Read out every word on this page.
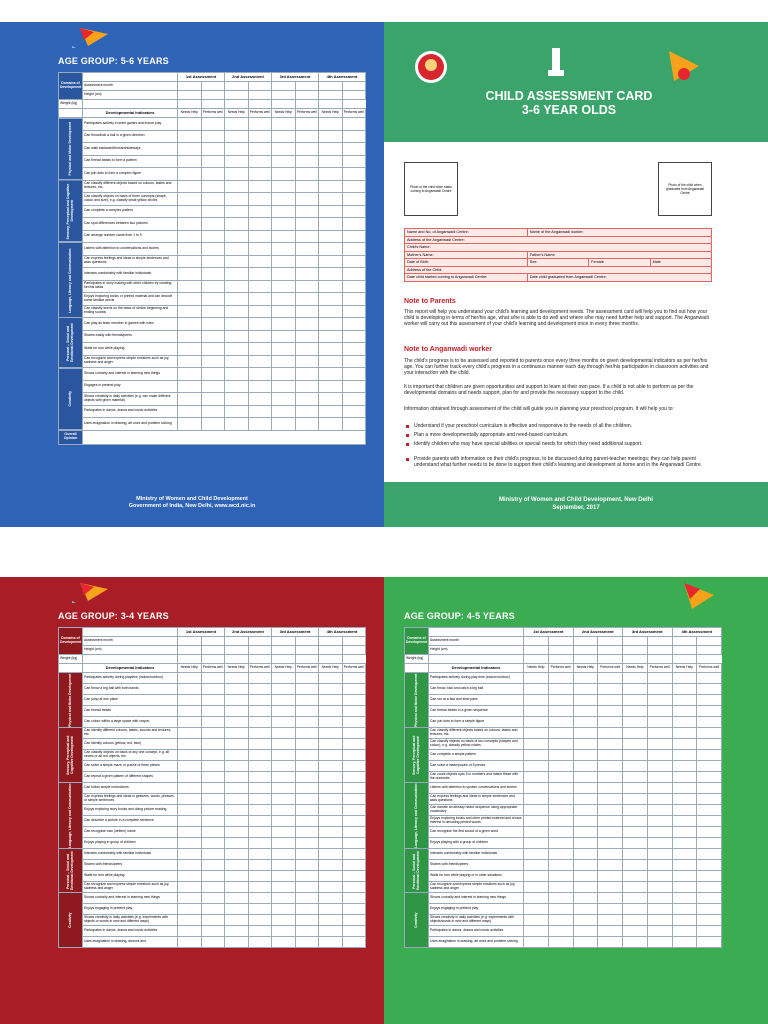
AGE GROUP: 5-6 YEARS
Domains of Development		1st Assessment		2nd Assessment		3rd Assessment		4th Assessment	
	Assessment month								
	Height (cm)								
Weight (kg)									
	Developmental Indicators	Needs Help	Performs well	Needs Help	Performs well	Needs Help	Performs well	Needs Help	Performs well
Physical and Motor Development	Participates actively in team games and indoor play								
	Can throw/kick a ball in a given direction								
	Can walk backward/forward/sideways								
	Can thread beads to form a pattern								
	Can join dots to form a complex figure								
Sensory, Perceptual and Cognitive Development	Can classify different objects based on colours, tastes and textures, etc.								
	Can classify objects on basis of three concepts (shape, colour and size), e.g. classify small yellow circles								
	Can complete a complex pattern								
	Can spot differences between two pictures								
	Can arrange number cards from 1 to 9								
Language, Literacy and Communication	Listens with attention to conversations and stories								
	Can express feelings and ideas in simple sentences and asks questions								
	Interacts comfortably with familiar individuals								
	Participates in story making with other children by creating her/his ideas								
	Enjoys exploring books or printed material and can decode some familiar words								
	Can classify words on the basis of similar beginning and ending sounds								
Personal – Social and Emotional Development	Can play as team member in games with rules								
	Shares easily with friends/peers								
	Waits for turn while playing								
	Can recognize and express simple emotions such as joy, sadness and anger								
Creativity	Shows curiosity and interest in learning new things								
	Engages in pretend play								
	Shows creativity in daily activities (e.g. can make different objects with given material)								
	Participates in dance, drama and music activities								
	Uses imagination in drawing, art work and problem solving								
Overall Opinion									
Ministry of Women and Child Development
Government of India, New Delhi, www.wcd.nic.in
CHILD ASSESSMENT CARD
3-6 YEAR OLDS
Photo of the child when starts coming to Anganwadi Centre
Photo of the child when graduates from Anganwadi Centre
Name and No. of Anganwadi Centre:	Name of the Anganwadi worker:		
Address of the Anganwadi Centre:			
Child's Name:			
Mother's Name:	Father's Name:		
Date of Birth:	Sex:	Female	Male
Address of the Child:			
Date child started coming to Anganwadi Centre:	Date child graduated from Anganwadi Centre:		
Note to Parents
This report will help you understand your child's learning and development needs. The assessment card will help you to find out how your child is developing in terms of her/his age, what s/he is able to do well and where s/he may need further help and support. The Anganwadi worker will carry out this assessment of your child's learning and development once in every three months.
Note to Anganwadi worker
The child's progress is to be assessed and reported to parents once every three months on given developmental indicators as per her/his age. You can further track every child's progress in a continuous manner each day through her/his participation in classroom activities and your interaction with the child.
It is important that children are given opportunities and support to learn at their own pace. If a child is not able to perform as per the developmental domains and needs support, plan for and provide the necessary support to the child.
Information obtained through assessment of the child will guide you in planning your preschool program. It will help you to:
Understand if your preschool curriculum is effective and responsive to the needs of all the children.
Plan a more developmentally appropriate and need-based curriculum.
Identify children who may have special abilities or special needs for which they need additional support.
Provide parents with information on their child's progress, to be discussed during parent-teacher meetings; they can help parent understand what further needs to be done to support their child's learning and development at home and in the Anganwadi Centre.
Ministry of Women and Child Development, New Delhi
September, 2017
AGE GROUP: 3-4 YEARS
Domains of Development		1st Assessment		2nd Assessment		3rd Assessment		4th Assessment	
	Assessment month								
	Height (cm)								
Weight (kg)									
	Developmental Indicators	Needs Help	Performs well	Needs Help	Performs well	Needs Help	Performs well	Needs Help	Performs well
Physical and Motor Development	Participates actively during playtime (indoor/outdoor)								
	Can throw a big ball with both hands								
	Can jump at one place								
	Can thread beads								
	Can colour within a large space with crayon								
Sensory, Perceptual and Cognitive Development	Can identify different colours, tastes, sounds and textures, etc.								
	Can identify colours (yellow, red, blue)								
	Can classify objects on basis of any one concept, e.g. all circles or all red objects, etc.								
	Can solve a simple maze or puzzle of three pieces								
	Can repeat a given pattern of different shapes								
Language, Literacy and Communication	Can follow simple instructions								
	Can express feelings and ideas in gestures, words, phrases or simple sentences								
	Enjoys exploring story books and doing picture reading								
	Can describe a picture in a complete sentence								
	Can recognise own (written) name								
	Enjoys playing in group of children								
Personal – Social and Emotional Development	Interacts comfortably with familiar individuals								
	Shares with friends/peers								
	Waits for turn while playing								
	Can recognize and express simple emotions such as joy, sadness and anger								
Creativity	Shows curiosity and interest in learning new things								
	Enjoys engaging in pretend play								
	Shows creativity in daily activities (e.g. experiments with objects or words in new and different ways)								
	Participates in dance, drama and music activities								
	Uses imagination in drawing, artwork and								
AGE GROUP: 4-5 YEARS
Domains of Development		1st Assessment		2nd Assessment		3rd Assessment		4th Assessment	
	Assessment month								
	Height (cm)								
Weight (kg)									
	Developmental Indicators	Needs Help	Performs well	Needs Help	Performs well	Needs Help	Performs well	Needs Help	Performs well
Physical and Motor Development	Participates actively during play time (indoor/outdoor)								
	Can throw, kick and catch a big ball								
	Can run at a fast and slow pace								
	Can thread beads in a given sequence								
	Can join dots to form a simple figure								
Sensory, Perceptual and Cognitive Development	Can classify different objects based on colours, tastes and textures, etc.								
	Can classify objects on basis of two concepts (shapes and colour), e.g. classify yellow circles								
	Can complete a simple pattern								
	Can solve a maze/puzzle of 5 pieces								
	Can count objects upto 5 in numbers and match these with the numerals								
Language, Literacy and Communication	Listens with attention to spoken conversations and stories								
	Can express feelings and ideas in simple sentences and asks questions								
	Can narrate an already heard sequence using appropriate vocabulary								
	Enjoys exploring books and other printed material and shows interest in decoding printed words								
	Can recognise the first sound of a given word								
	Enjoys playing with a group of children								
Personal – Social and Emotional Development	Interacts comfortably with familiar individuals								
	Shares with friends/peers								
	Waits for turn while playing or in other situations								
	Can recognize and express simple emotions such as joy, sadness and anger								
Creativity	Shows curiosity and interest in learning new things								
	Enjoys engaging in pretend play								
	Shows creativity in daily activities (e.g. experiments with objects/words in new and different ways)								
	Participates in dance, drama and music activities								
	Uses imagination in drawing, art work and problem solving								
